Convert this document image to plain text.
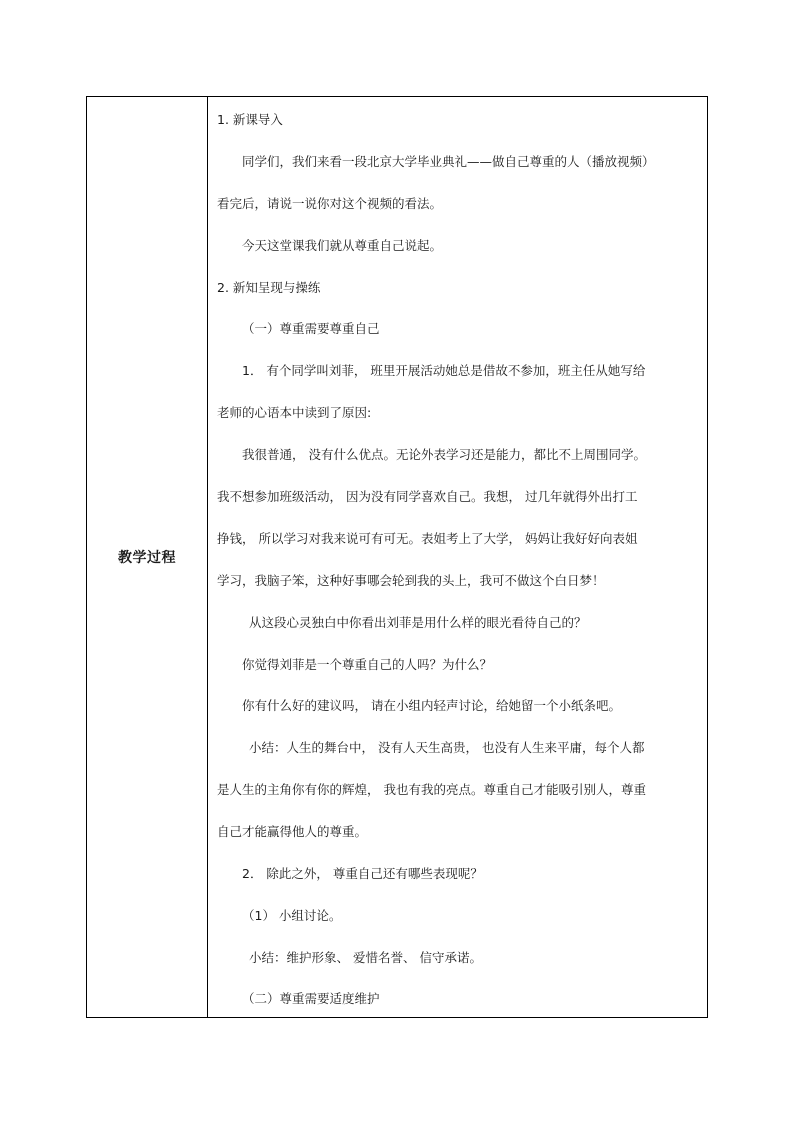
教学过程
1. 新课导入
同学们，我们来看一段北京大学毕业典礼——做自己尊重的人（播放视频）
看完后，请说一说你对这个视频的看法。
今天这堂课我们就从尊重自己说起。
2. 新知呈现与操练
（一）尊重需要尊重自己
1． 有个同学叫刘菲， 班里开展活动她总是借故不参加，班主任从她写给
老师的心语本中读到了原因:
我很普通， 没有什么优点。无论外表学习还是能力，都比不上周围同学。
我不想参加班级活动， 因为没有同学喜欢自己。我想， 过几年就得外出打工
挣钱， 所以学习对我来说可有可无。表姐考上了大学， 妈妈让我好好向表姐
学习，我脑子笨，这种好事哪会轮到我的头上，我可不做这个白日梦！
从这段心灵独白中你看出刘菲是用什么样的眼光看待自己的？
你觉得刘菲是一个尊重自己的人吗？为什么？
你有什么好的建议吗， 请在小组内轻声讨论，给她留一个小纸条吧。
小结：人生的舞台中， 没有人天生高贵， 也没有人生来平庸，每个人都
是人生的主角你有你的辉煌， 我也有我的亮点。尊重自己才能吸引别人，尊重
自己才能赢得他人的尊重。
2． 除此之外， 尊重自己还有哪些表现呢？
（1） 小组讨论。
小结：维护形象、 爱惜名誉、 信守承诺。
（二）尊重需要适度维护
